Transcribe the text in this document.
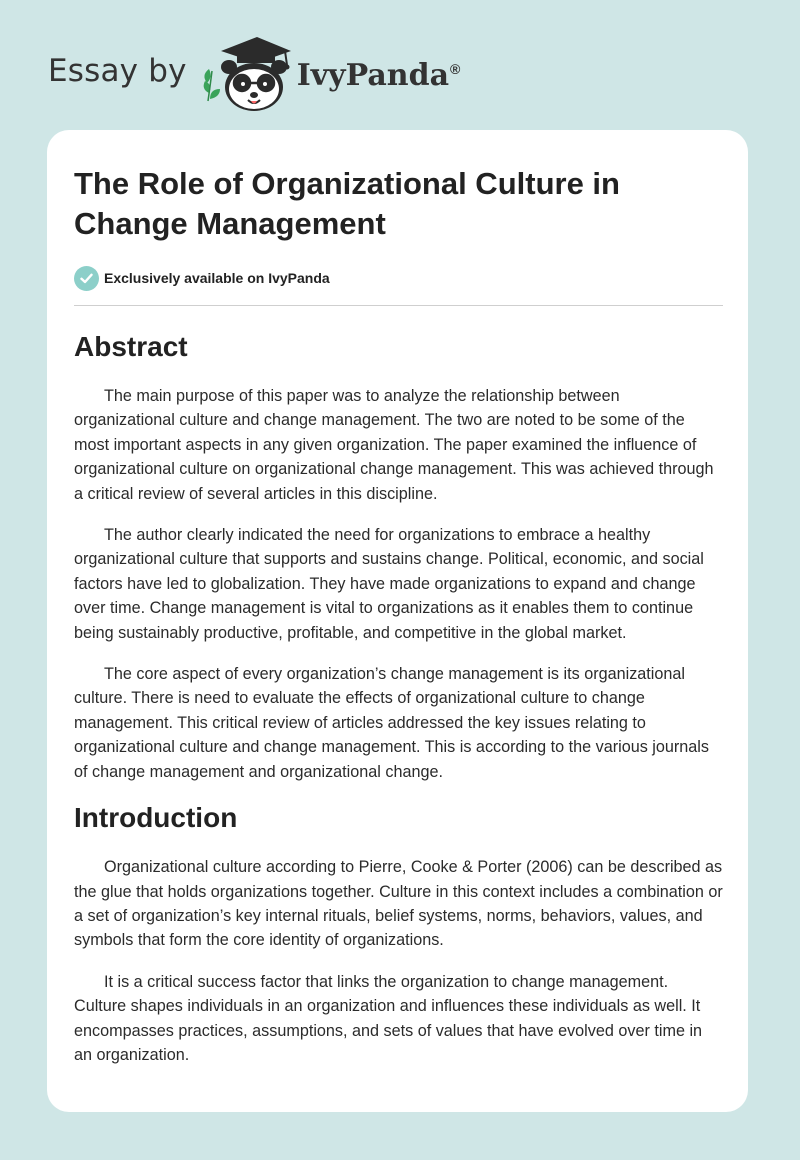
Essay by	IvyPanda®
The Role of Organizational Culture in Change Management
Exclusively available on IvyPanda
Abstract

The main purpose of this paper was to analyze the relationship between organizational culture and change management. The two are noted to be some of the most important aspects in any given organization. The paper examined the influence of organizational culture on organizational change management. This was achieved through a critical review of several articles in this discipline.

The author clearly indicated the need for organizations to embrace a healthy organizational culture that supports and sustains change. Political, economic, and social factors have led to globalization. They have made organizations to expand and change over time. Change management is vital to organizations as it enables them to continue being sustainably productive, profitable, and competitive in the global market.

The core aspect of every organization’s change management is its organizational culture. There is need to evaluate the effects of organizational culture to change management. This critical review of articles addressed the key issues relating to organizational culture and change management. This is according to the various journals of change management and organizational change.

Introduction

Organizational culture according to Pierre, Cooke & Porter (2006) can be described as the glue that holds organizations together. Culture in this context includes a combination or a set of organization’s key internal rituals, belief systems, norms, behaviors, values, and symbols that form the core identity of organizations.

It is a critical success factor that links the organization to change management. Culture shapes individuals in an organization and influences these individuals as well. It encompasses practices, assumptions, and sets of values that have evolved over time in an organization.
